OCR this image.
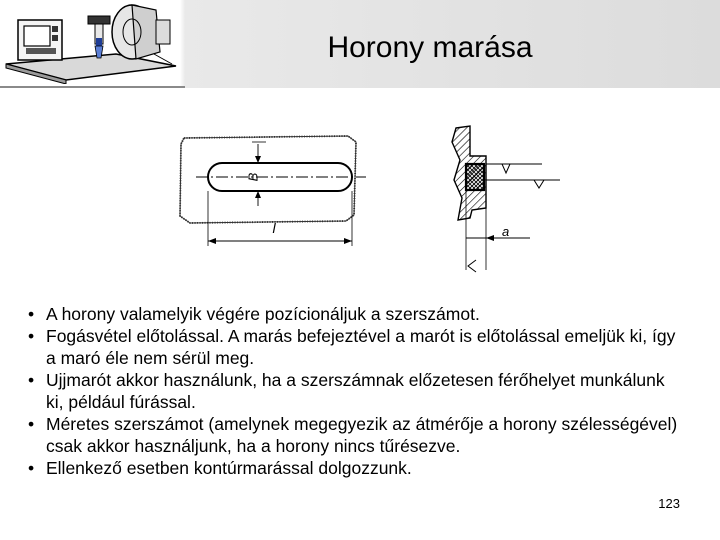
Horony marása
B
l	a
• A horony valamelyik végére pozícionáljuk a szerszámot.
• Fogásvétel előtolással. A marás befejeztével a marót is előtolással emeljük ki, így a maró éle nem sérül meg.
• Ujjmarót akkor használunk, ha a szerszámnak előzetesen férőhelyet munkálunk ki, például fúrással.
• Méretes szerszámot (amelynek megegyezik az átmérője a horony szélességével) csak akkor használjunk, ha a horony nincs tűrésezve.
• Ellenkező esetben kontúrmarással dolgozzunk.
123
